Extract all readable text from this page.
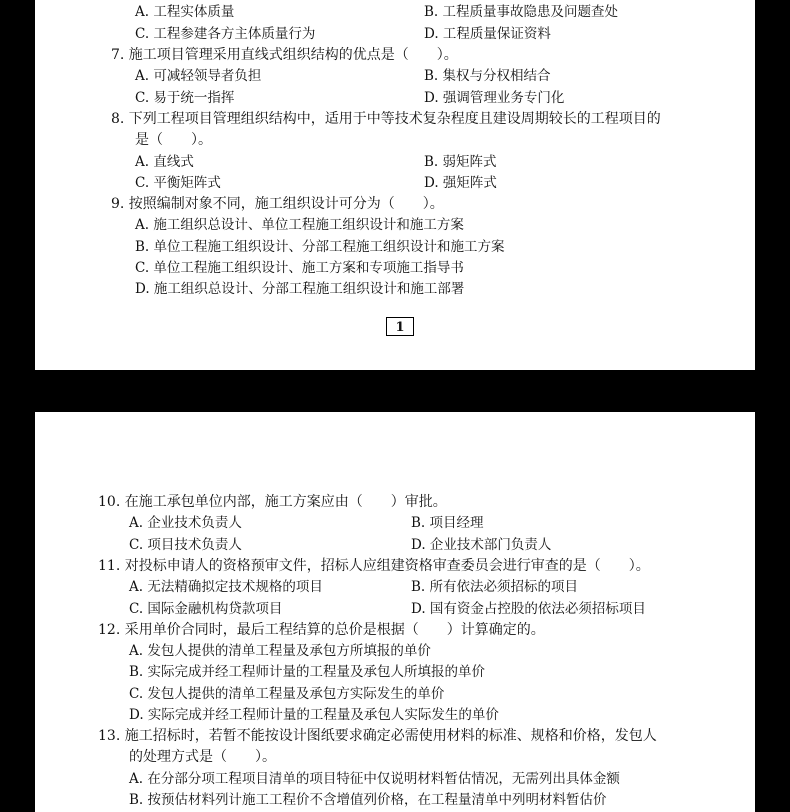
A. 工程实体质量	B. 工程质量事故隐患及问题查处
C. 工程参建各方主体质量行为	D. 工程质量保证资料
7. 施工项目管理采用直线式组织结构的优点是（　　）。
A. 可减轻领导者负担	B. 集权与分权相结合
C. 易于统一指挥	D. 强调管理业务专门化
8. 下列工程项目管理组织结构中，适用于中等技术复杂程度且建设周期较长的工程项目的
是（　　）。
A. 直线式	B. 弱矩阵式
C. 平衡矩阵式	D. 强矩阵式
9. 按照编制对象不同，施工组织设计可分为（　　）。
A. 施工组织总设计、单位工程施工组织设计和施工方案
B. 单位工程施工组织设计、分部工程施工组织设计和施工方案
C. 单位工程施工组织设计、施工方案和专项施工指导书
D. 施工组织总设计、分部工程施工组织设计和施工部署
1
10. 在施工承包单位内部，施工方案应由（　　）审批。
A. 企业技术负责人	B. 项目经理
C. 项目技术负责人	D. 企业技术部门负责人
11. 对投标申请人的资格预审文件，招标人应组建资格审查委员会进行审查的是（　　）。
A. 无法精确拟定技术规格的项目	B. 所有依法必须招标的项目
C. 国际金融机构贷款项目	D. 国有资金占控股的依法必须招标项目
12. 采用单价合同时，最后工程结算的总价是根据（　　）计算确定的。
A. 发包人提供的清单工程量及承包方所填报的单价
B. 实际完成并经工程师计量的工程量及承包人所填报的单价
C. 发包人提供的清单工程量及承包方实际发生的单价
D. 实际完成并经工程师计量的工程量及承包人实际发生的单价
13. 施工招标时，若暂不能按设计图纸要求确定必需使用材料的标准、规格和价格，发包人
的处理方式是（　　）。
A. 在分部分项工程项目清单的项目特征中仅说明材料暂估情况，无需列出具体金额
B. 按预估材料列计施工工程价不含增值列价格，在工程量清单中列明材料暂估价
